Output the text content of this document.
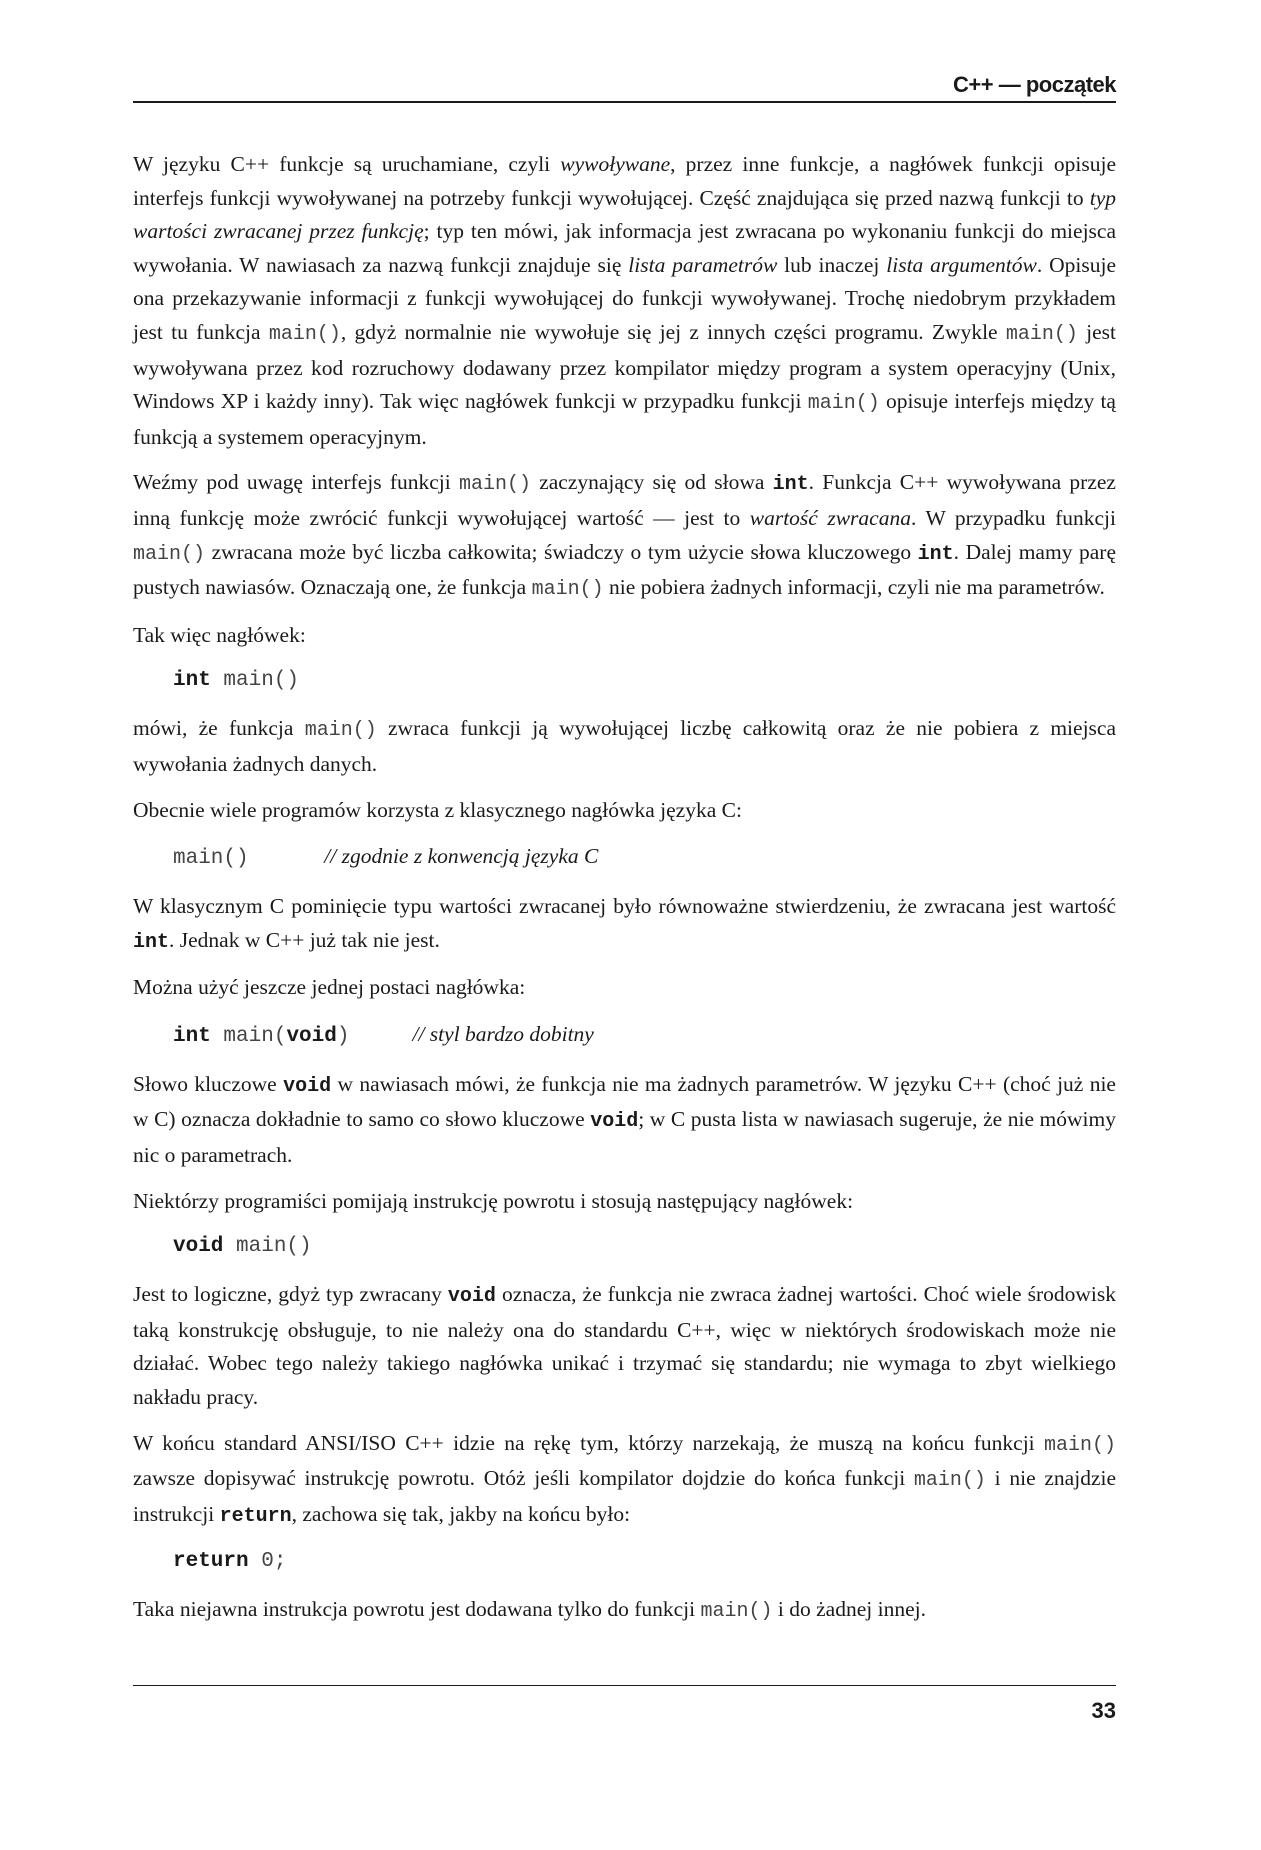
C++ — początek

W języku C++ funkcje są uruchamiane, czyli wywoływane, przez inne funkcje, a nagłówek funkcji opisuje interfejs funkcji wywoływanej na potrzeby funkcji wywołującej. Część znajdująca się przed nazwą funkcji to typ wartości zwracanej przez funkcję; typ ten mówi, jak informacja jest zwracana po wykonaniu funkcji do miejsca wywołania. W nawiasach za nazwą funkcji znajduje się lista parametrów lub inaczej lista argumentów. Opisuje ona przekazywanie informacji z funkcji wywołującej do funkcji wywoływanej. Trochę niedobrym przykładem jest tu funkcja main(), gdyż normalnie nie wywołuje się jej z innych części programu. Zwykle main() jest wywoływana przez kod rozruchowy dodawany przez kompilator między program a system operacyjny (Unix, Windows XP i każdy inny). Tak więc nagłówek funkcji w przypadku funkcji main() opisuje interfejs między tą funkcją a systemem operacyjnym.

Weźmy pod uwagę interfejs funkcji main() zaczynający się od słowa int. Funkcja C++ wywoływana przez inną funkcję może zwrócić funkcji wywołującej wartość — jest to wartość zwracana. W przypadku funkcji main() zwracana może być liczba całkowita; świadczy o tym użycie słowa kluczowego int. Dalej mamy parę pustych nawiasów. Oznaczają one, że funkcja main() nie pobiera żadnych informacji, czyli nie ma parametrów.

Tak więc nagłówek:

int main()

mówi, że funkcja main() zwraca funkcji ją wywołującej liczbę całkowitą oraz że nie pobiera z miejsca wywołania żadnych danych.

Obecnie wiele programów korzysta z klasycznego nagłówka języka C:

main()	// zgodnie z konwencją języka C

W klasycznym C pominięcie typu wartości zwracanej było równoważne stwierdzeniu, że zwracana jest wartość int. Jednak w C++ już tak nie jest.

Można użyć jeszcze jednej postaci nagłówka:

int main(void)	// styl bardzo dobitny

Słowo kluczowe void w nawiasach mówi, że funkcja nie ma żadnych parametrów. W języku C++ (choć już nie w C) oznacza dokładnie to samo co słowo kluczowe void; w C pusta lista w nawiasach sugeruje, że nie mówimy nic o parametrach.

Niektórzy programiści pomijają instrukcję powrotu i stosują następujący nagłówek:

void main()

Jest to logiczne, gdyż typ zwracany void oznacza, że funkcja nie zwraca żadnej wartości. Choć wiele środowisk taką konstrukcję obsługuje, to nie należy ona do standardu C++, więc w niektórych środowiskach może nie działać. Wobec tego należy takiego nagłówka unikać i trzymać się standardu; nie wymaga to zbyt wielkiego nakładu pracy.

W końcu standard ANSI/ISO C++ idzie na rękę tym, którzy narzekają, że muszą na końcu funkcji main() zawsze dopisywać instrukcję powrotu. Otóż jeśli kompilator dojdzie do końca funkcji main() i nie znajdzie instrukcji return, zachowa się tak, jakby na końcu było:

return 0;

Taka niejawna instrukcja powrotu jest dodawana tylko do funkcji main() i do żadnej innej.

33
